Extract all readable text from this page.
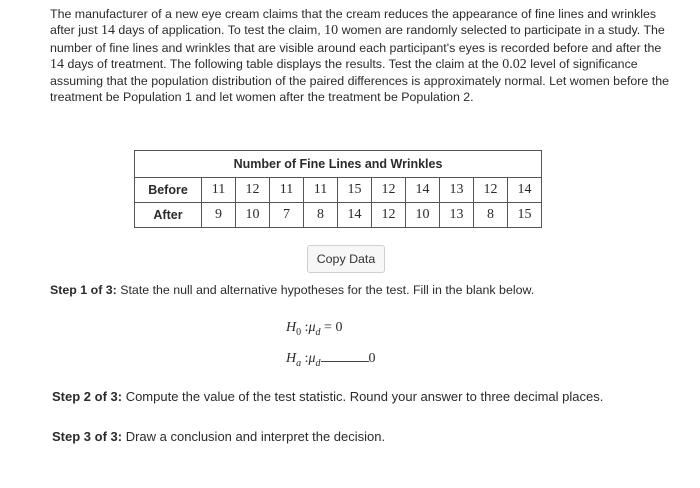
The manufacturer of a new eye cream claims that the cream reduces the appearance of fine lines and wrinkles after just 14 days of application. To test the claim, 10 women are randomly selected to participate in a study. The number of fine lines and wrinkles that are visible around each participant's eyes is recorded before and after the 14 days of treatment. The following table displays the results. Test the claim at the 0.02 level of significance assuming that the population distribution of the paired differences is approximately normal. Let women before the treatment be Population 1 and let women after the treatment be Population 2.
Number of Fine Lines and Wrinkles										
Before	11	12	11	11	15	12	14	13	12	14
After	9	10	7	8	14	12	10	13	8	15
Copy Data
Step 1 of 3: State the null and alternative hypotheses for the test. Fill in the blank below.
$H_0$ $:\mu_d = 0$
$H_a$ $:\mu_d$	0
Step 2 of 3: Compute the value of the test statistic. Round your answer to three decimal places.
Step 3 of 3: Draw a conclusion and interpret the decision.
